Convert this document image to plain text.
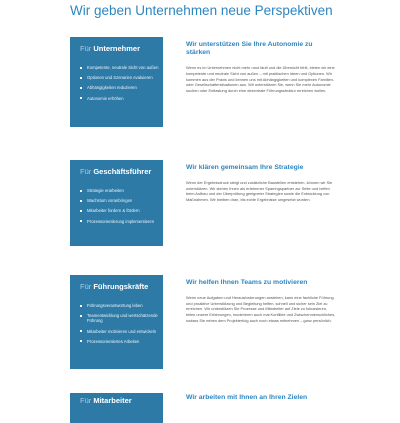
Wir geben Unternehmen neue Perspektiven
Für Unternehmer
Kompetente, neutrale Sicht von außen
Optionen und Szenarien evaluieren
Abhängigkeiten reduzieren
Autonomie erhöhen
Wir unterstützen Sie Ihre Autonomie zu stärken

Wenn es im Unternehmen nicht mehr rund läuft und die Übersicht fehlt, bieten wir eine kompetente und neutrale Sicht von außen – mit praktischen Ideen und Optionen. Wir kommen aus der Praxis und kennen uns mit Abhängigkeiten und komplexen Familien- oder Gesellschaftersituationen aus. Wir unterstützen Sie, wenn Sie mehr Autonomie suchen oder Entlastung durch eine dezentrale Führungsstruktur erreichen wollen.

Für Geschäftsführer
Strategie erarbeiten
Wachstum voranbringen
Mitarbeiter fordern & fördern
Prozessorientierung implementieren
Wir klären gemeinsam Ihre Strategie

Wenn der Ergebnisdruck steigt und zusätzliche Baustellen entstehen, können wir Sie unterstützen. Wir stehen Ihnen als erfahrener Sparringspartner zur Seite und helfen beim Aufbau und der Überprüfung geeigneter Strategien sowie die Entwicklung von Maßnahmen. Wir bleiben dran, bis echte Ergebnisse umgesetzt wurden.

Für Führungskräfte
Führungsverantwortung leben
Teamentwicklung und wertschätzende Führung
Mitarbeiter motivieren und entwickeln
Prozessorientiertes Arbeiten
Wir helfen Ihnen Teams zu motivieren

Wenn neue Aufgaben und Herausforderungen anstehen, kann eine fachliche Führung und proaktive Unterstützung und Begleitung helfen, schnell und sicher sein Ziel zu erreichen. Wir unterstützen Sie Prozesse und Mitarbeiter auf Ziele zu fokussieren, teilen unsere Erfahrungen, moderieren auch mal Konflikte und Zwischenmenschliches, sodass Sie neben dem Projekterfolg auch noch etwas mitnehmen – ganz persönlich.

Für Mitarbeiter	Wir arbeiten mit Ihnen an Ihren Zielen
